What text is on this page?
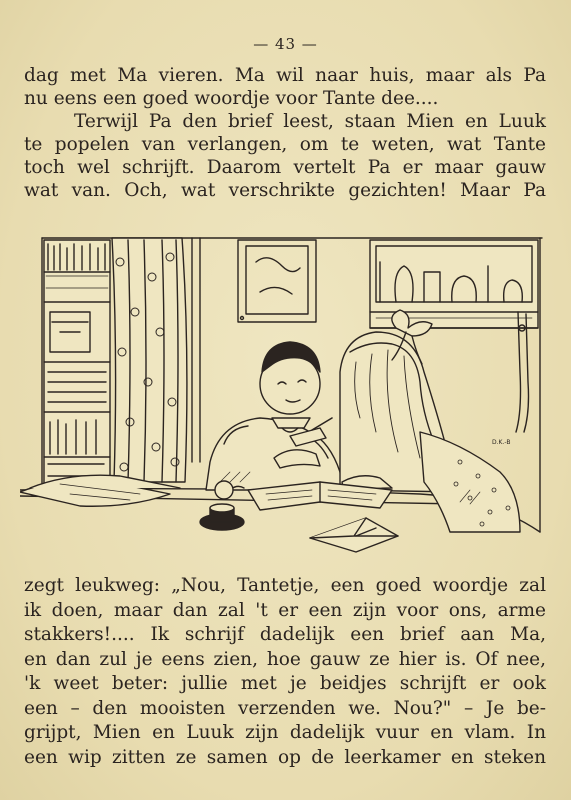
— 43 —
dag met Ma vieren. Ma wil naar huis, maar als Pa
nu eens een goed woordje voor Tante dee....
Terwijl Pa den brief leest, staan Mien en Luuk
te popelen van verlangen, om te weten, wat Tante
toch wel schrijft. Daarom vertelt Pa er maar gauw
wat van. Och, wat verschrikte gezichten! Maar Pa
D.K.-B
zegt leukweg: „Nou, Tantetje, een goed woordje zal
ik doen, maar dan zal 't er een zijn voor ons, arme
stakkers!.... Ik schrijf dadelijk een brief aan Ma,
en dan zul je eens zien, hoe gauw ze hier is. Of nee,
'k weet beter: jullie met je beidjes schrijft er ook
een – den mooisten verzenden we. Nou?" – Je be-
grijpt, Mien en Luuk zijn dadelijk vuur en vlam. In
een wip zitten ze samen op de leerkamer en steken
